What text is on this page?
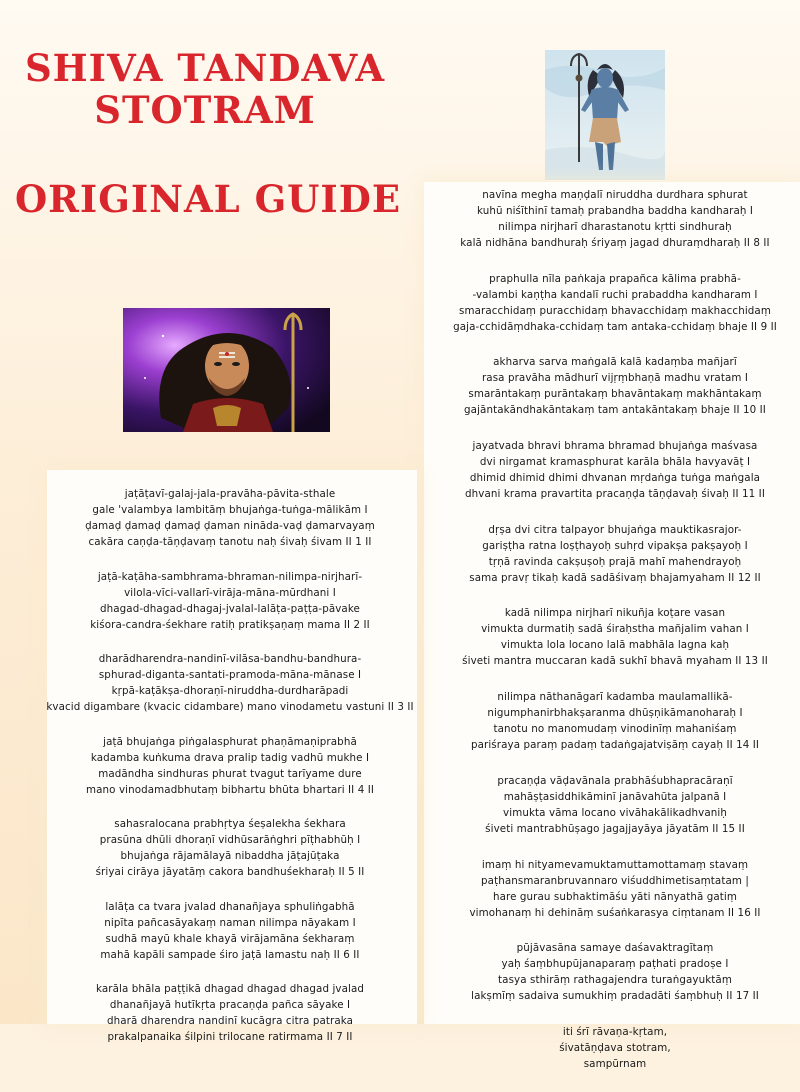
SHIVA TANDAVA
STOTRAM
ORIGINAL GUIDE
jaṭāṭavī-galaj-jala-pravāha-pāvita-sthale
gale 'valambya lambitāṃ bhujaṅga-tuṅga-mālikām I
ḍamaḍ ḍamaḍ ḍamaḍ ḍaman ninādа-vaḍ ḍamarvayaṃ
cakāra caṇḍa-tāṇḍavaṃ tanotu naḥ śivaḥ śivam II 1 II
jaṭā-kaṭāha-sambhrama-bhraman-nilimpa-nirjharī-
vilola-vīci-vallarī-virāja-māna-mūrdhani I
dhagad-dhagad-dhagaj-jvalal-lalāṭa-paṭṭa-pāvake
kiśora-candra-śekhare ratiḥ pratikṣaṇaṃ mama II 2 II
dharādharendra-nandinī-vilāsa-bandhu-bandhura-
sphurad-diganta-santati-pramoda-māna-mānase I
kṛpā-kaṭākṣa-dhoraṇī-niruddha-durdharāpadi
kvacid digambare (kvacic cidambare) mano vinodametu vastuni II 3 II
jaṭā bhujaṅga piṅgalasphurat phaṇāmaṇiprabhā
kadamba kuṅkuma drava pralip tadig vadhū mukhe I
madāndha sindhuras phurat tvagut tarīyame dure
mano vinodamadbhutaṃ bibhartu bhūta bhartari II 4 II
sahasralocana prabhṛtya śeṣalekha śekhara
prasūna dhūli dhoraṇī vidhūsarāṅghri pīṭhabhūḥ I
bhujaṅga rājamālayā nibaddha jāṭajūṭaka
śriyai cirāya jāyatāṃ cakora bandhuśekharaḥ II 5 II
lalāṭa ca tvara jvalad dhanañjaya sphuliṅgabhā
nipīta pañcasāyakaṃ naman nilimpa nāyakam I
sudhā mayū khale khayā virājamāna śekharaṃ
mahā kapāli sampade śiro jaṭā lamastu naḥ II 6 II
karāla bhāla paṭṭikā dhagad dhagad dhagad jvalad
dhanañjayā hutīkṛta pracaṇḍa pañca sāyake I
dharā dharendra nandinī kucāgra citra patraka
prakalpanaika śilpini trilocane ratirmama II 7 II
navīna megha maṇḍalī niruddha durdhara sphurat
kuhū niśīthinī tamaḥ prabandha baddha kandharaḥ I
nilimpa nirjharī dharastanotu kṛtti sindhuraḥ
kalā nidhāna bandhuraḥ śriyaṃ jagad dhuraṃdharaḥ II 8 II
praphulla nīla paṅkaja prapañca kālima prabhā-
-valambi kaṇṭha kandalī ruchi prabaddha kandharam I
smaracchidaṃ puracchidaṃ bhavacchidaṃ makhacchidaṃ
gaja-cchidāṃdhaka-cchidaṃ tam antaka-cchidaṃ bhaje II 9 II
akharva sarva maṅgalā kalā kadaṃba mañjarī
rasa pravāha mādhurī vijṛṃbhaṇā madhu vratam I
smarāntakaṃ purāntakaṃ bhavāntakaṃ makhāntakaṃ
gajāntakāndhakāntakaṃ tam antakāntakaṃ bhaje II 10 II
jayatvada bhravi bhrama bhramad bhujaṅga maśvasa
dvi nirgamat kramasphurat karāla bhāla havyavāṭ I
dhimid dhimid dhimi dhvanan mṛdaṅga tuṅga maṅgala
dhvani krama pravartita pracaṇḍa tāṇḍavaḥ śivaḥ II 11 II
dṛṣa dvi citra talpayor bhujaṅga mauktikasrajor-
gariṣṭha ratna loṣṭhayoḥ suhṛd vipakṣa pakṣayoḥ I
tṛṇā ravinda cakṣuṣoḥ prajā mahī mahendrayoḥ
sama pravṛ tikaḥ kadā sadāśivaṃ bhajamyaham II 12 II
kadā nilimpa nirjharī nikuñja koṭare vasan
vimukta durmatiḥ sadā śiraḥstha mañjalim vahan I
vimukta lola locano lalā mabhāla lagna kaḥ
śiveti mantra muccaran kadā sukhī bhavā myaham II 13 II
nilimpa nāthanāgarī kadamba maulamallikā-
nigumphanirbhakṣaranma dhūṣṇikāmanoharaḥ I
tanotu no manomudaṃ vinodinīṃ mahaniśaṃ
pariśraya paraṃ padaṃ tadaṅgajatviṣāṃ cayaḥ II 14 II
pracaṇḍa vāḍavānala prabhāśubhapracāraṇī
mahāṣṭasiddhikāminī janāvahūta jalpanā I
vimukta vāma locano vivāhakālikadhvaniḥ
śiveti mantrabhūṣago jagajjayāya jāyatām II 15 II
imaṃ hi nityamevamuktamuttamottamaṃ stavaṃ
paṭhansmaranbruvannaro viśuddhimetisaṃtatam |
hare gurau subhaktimāśu yāti nānyathā gatiṃ
vimohanaṃ hi dehināṃ suśaṅkarasya ciṃtanam II 16 II
pūjāvasāna samaye daśavaktragītaṃ
yaḥ śaṃbhupūjanaparaṃ paṭhati pradoṣe I
tasya sthirāṃ rathagajendra turaṅgayuktāṃ
lakṣmīṃ sadaiva sumukhiṃ pradadāti śaṃbhuḥ II 17 II
iti śrī rāvaṇa-kṛtam,
śivatāṇḍava stotram,
sampūrnam
